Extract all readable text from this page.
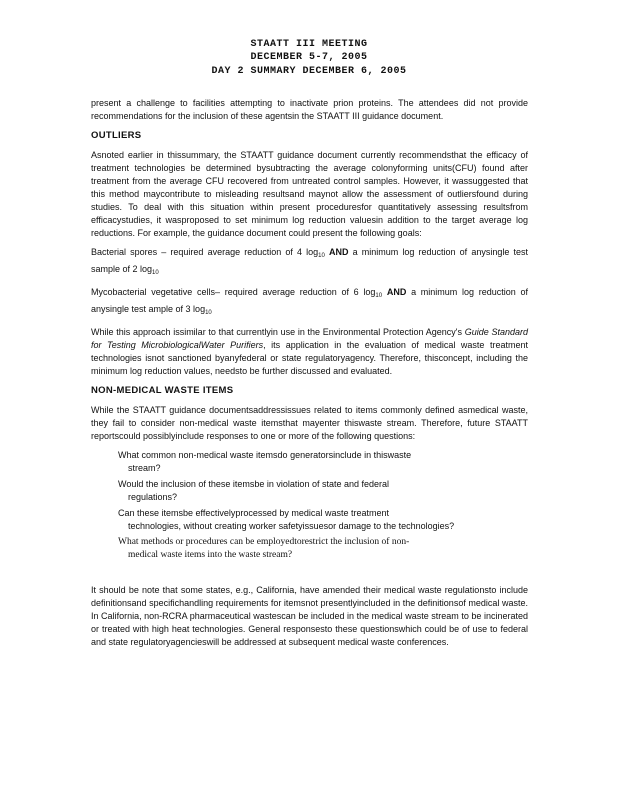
STAATT III MEETING
DECEMBER 5-7, 2005
DAY 2 SUMMARY DECEMBER 6, 2005

present a challenge to facilities attempting to inactivate prion proteins. The attendees did not provide recommendations for the inclusion of these agentsin the STAATT III guidance document.

OUTLIERS

Asnoted earlier in thissummary, the STAATT guidance document currently recommendsthat the efficacy of treatment technologies be determined bysubtracting the average colonyforming units(CFU) found after treatment from the average CFU recovered from untreated control samples. However, it wassuggested that this method maycontribute to misleading resultsand maynot allow the assessment of outliersfound during studies. To deal with this situation within present proceduresfor quantitatively assessing resultsfrom efficacystudies, it wasproposed to set minimum log reduction valuesin addition to the target average log reductions. For example, the guidance document could present the following goals:

Bacterial spores – required average reduction of 4 $\log_{10}$ AND a minimum log reduction of anysingle test sample of 2 $\log_{10}$

Mycobacterial vegetative cells– required average reduction of 6 $\log_{10}$ AND a minimum log reduction of anysingle test ample of 3 $\log_{10}$

While this approach issimilar to that currentlyin use in the Environmental Protection Agency's Guide Standard for Testing MicrobiologicalWater Purifiers, its application in the evaluation of medical waste treatment technologies isnot sanctioned byanyfederal or state regulatoryagency. Therefore, thisconcept, including the minimum log reduction values, needsto be further discussed and evaluated.

NON-MEDICAL WASTE ITEMS

While the STAATT guidance documentsaddressissues related to items commonly defined asmedical waste, they fail to consider non-medical waste itemsthat mayenter thiswaste stream. Therefore, future STAATT reportscould possiblyinclude responses to one or more of the following questions:

What common non-medical waste itemsdo generatorsinclude in thiswaste
stream?
Would the inclusion of these itemsbe in violation of state and federal
regulations?
Can these itemsbe effectivelyprocessed by medical waste treatment
technologies, without creating worker safetyissuesor damage to the technologies?
What methods or procedures can be employedtorestrict the inclusion of non-
medical waste items into the waste stream?

It should be note that some states, e.g., California, have amended their medical waste regulationsto include definitionsand specifichandling requirements for itemsnot presentlyincluded in the definitionsof medical waste. In California, non-RCRA pharmaceutical wastescan be included in the medical waste stream to be incinerated or treated with high heat technologies. General responsesto these questionswhich could be of use to federal and state regulatoryagencieswill be addressed at subsequent medical waste conferences.
